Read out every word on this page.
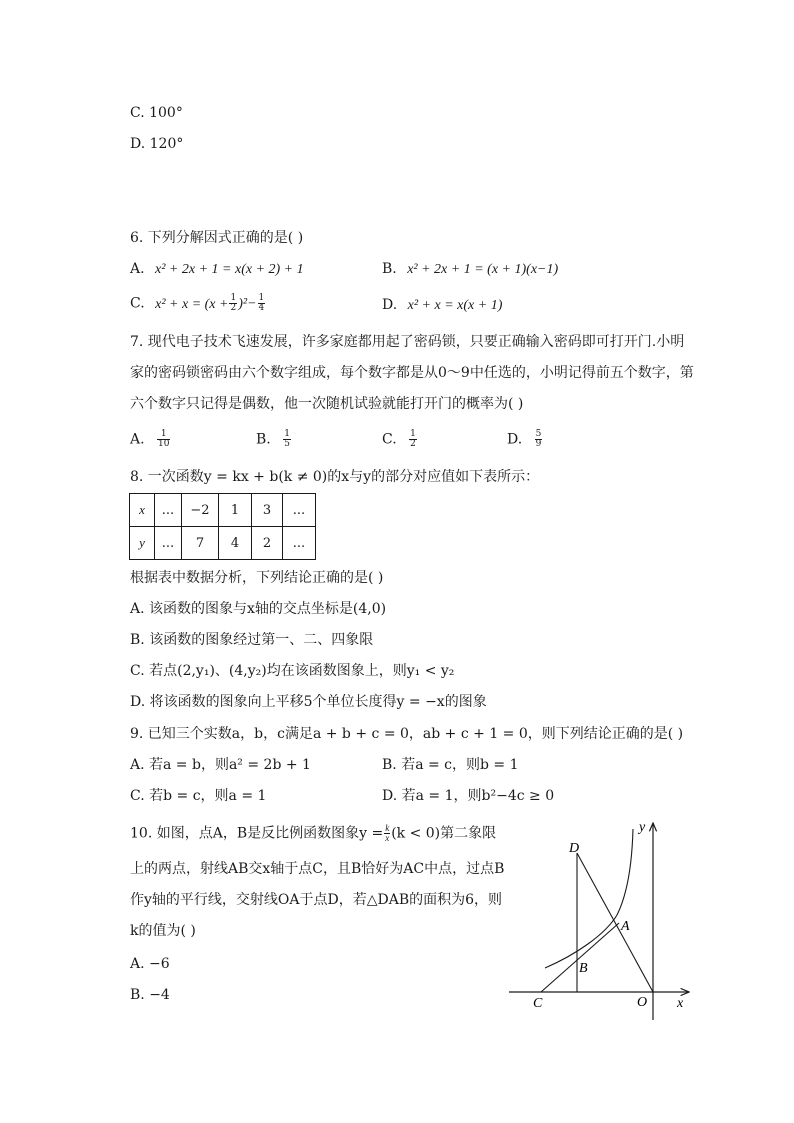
C. 100°
D. 120°
6. 下列分解因式正确的是( )
A. x² + 2x + 1 = x(x + 2) + 1	B. x² + 2x + 1 = (x + 1)(x−1)
C. $x^2 + x = (x + \frac{1}{2} )^2- \frac{1}{4}$	D. x² + x = x(x + 1)
7. 现代电子技术飞速发展，许多家庭都用起了密码锁，只要正确输入密码即可打开门.小明
家的密码锁密码由六个数字组成，每个数字都是从0～9中任选的，小明记得前五个数字，第
六个数字只记得是偶数，他一次随机试验就能打开门的概率为( )
A. $\frac{1}{10}$	B. $\frac{1}{5}$	C. $\frac{1}{2}$	D. $\frac{5}{9}$
8. 一次函数y = kx + b(k ≠ 0)的x与y的部分对应值如下表所示：
x	...	−2	1	3	...
y	...	7	4	2	...
根据表中数据分析，下列结论正确的是( )
A. 该函数的图象与x轴的交点坐标是(4,0)
B. 该函数的图象经过第一、二、四象限
C. 若点(2,y₁)、(4,y₂)均在该函数图象上，则y₁ < y₂
D. 将该函数的图象向上平移5个单位长度得y = −x的图象
9. 已知三个实数a，b，c满足a + b + c = 0，ab + c + 1 = 0，则下列结论正确的是( )
A. 若a = b，则a² = 2b + 1	B. 若a = c，则b = 1
C. 若b = c，则a = 1	D. 若a = 1，则b²−4c ≥ 0
10. 如图，点A，B是反比例函数图象$y = \frac{k}{x} (k < 0)$第二象限
上的两点，射线AB交x轴于点C，且B恰好为AC中点，过点B
作y轴的平行线，交射线OA于点D，若△DAB的面积为6，则
k的值为( )
A. −6
B. −4
D
A
B
C	O x
y
